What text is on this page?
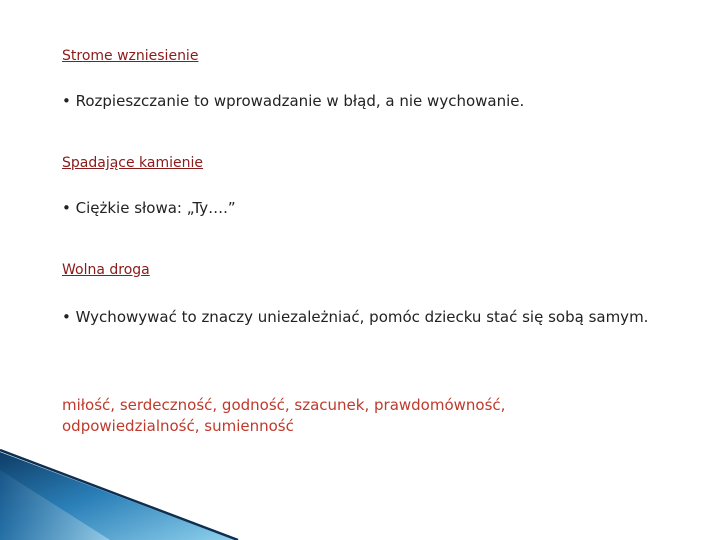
Strome wzniesienie
• Rozpieszczanie to wprowadzanie w błąd, a nie wychowanie.
Spadające kamienie
• Ciężkie słowa: „Ty….”
Wolna droga
• Wychowywać to znaczy uniezależniać, pomóc dziecku stać się sobą samym.
miłość, serdeczność, godność, szacunek, prawdomówność, odpowiedzialność, sumienność
